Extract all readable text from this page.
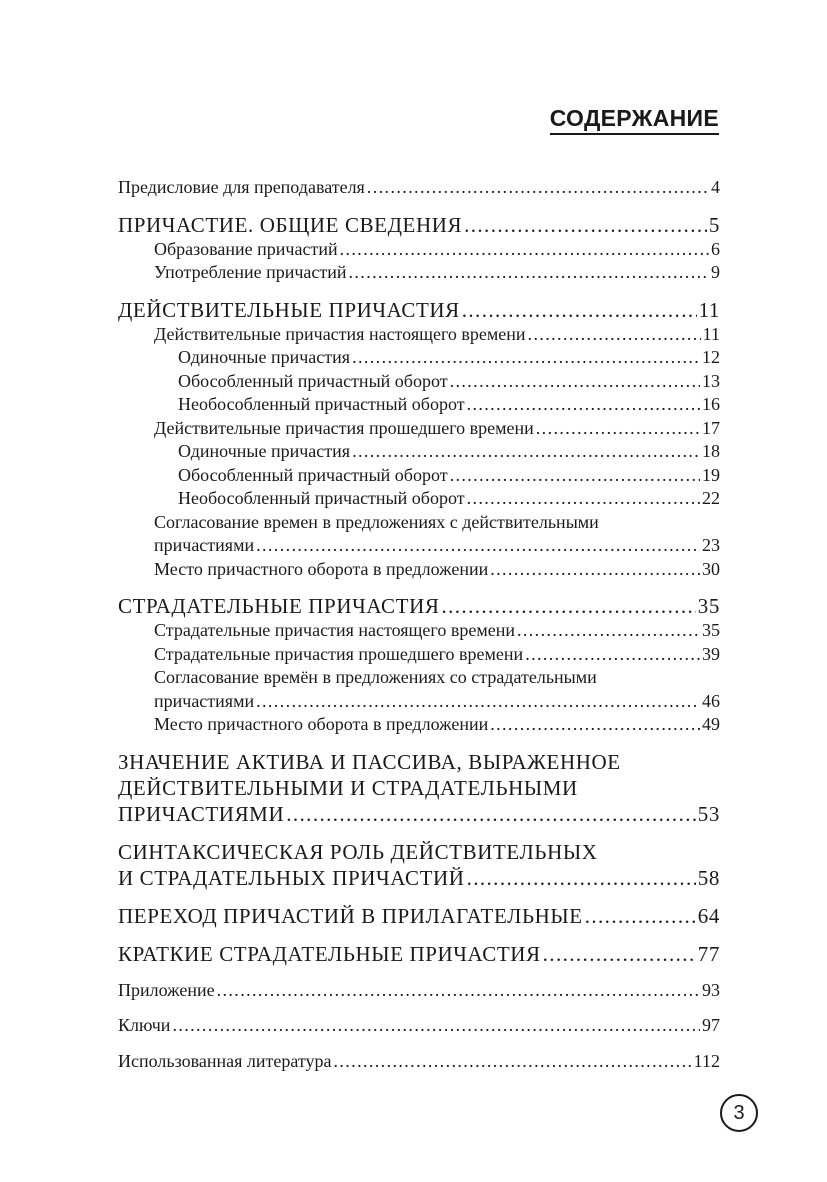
СОДЕРЖАНИЕ
Предисловие для преподавателя .....	4
ПРИЧАСТИЕ. ОБЩИЕ СВЕДЕНИЯ .....	5
Образование причастий .....	6
Употребление причастий .....	9
ДЕЙСТВИТЕЛЬНЫЕ ПРИЧАСТИЯ .....	11
Действительные причастия настоящего времени .....	11
Одиночные причастия .....	12
Обособленный причастный оборот .....	13
Необособленный причастный оборот .....	16
Действительные причастия прошедшего времени .....	17
Одиночные причастия .....	18
Обособленный причастный оборот .....	19
Необособленный причастный оборот .....	22
Согласование времен в предложениях с действительными
причастиями .....	23
Место причастного оборота в предложении .....	30
СТРАДАТЕЛЬНЫЕ ПРИЧАСТИЯ .....	35
Страдательные причастия настоящего времени .....	35
Страдательные причастия прошедшего времени .....	39
Согласование времён в предложениях со страдательными
причастиями .....	46
Место причастного оборота в предложении .....	49
ЗНАЧЕНИЕ АКТИВА И ПАССИВА, ВЫРАЖЕННОЕ
ДЕЙСТВИТЕЛЬНЫМИ И СТРАДАТЕЛЬНЫМИ
ПРИЧАСТИЯМИ .....	53
СИНТАКСИЧЕСКАЯ РОЛЬ ДЕЙСТВИТЕЛЬНЫХ
И СТРАДАТЕЛЬНЫХ ПРИЧАСТИЙ .....	58
ПЕРЕХОД ПРИЧАСТИЙ В ПРИЛАГАТЕЛЬНЫЕ .....	64
КРАТКИЕ СТРАДАТЕЛЬНЫЕ ПРИЧАСТИЯ .....	77
Приложение .....	93
Ключи .....	97
Использованная литература .....	112
3
